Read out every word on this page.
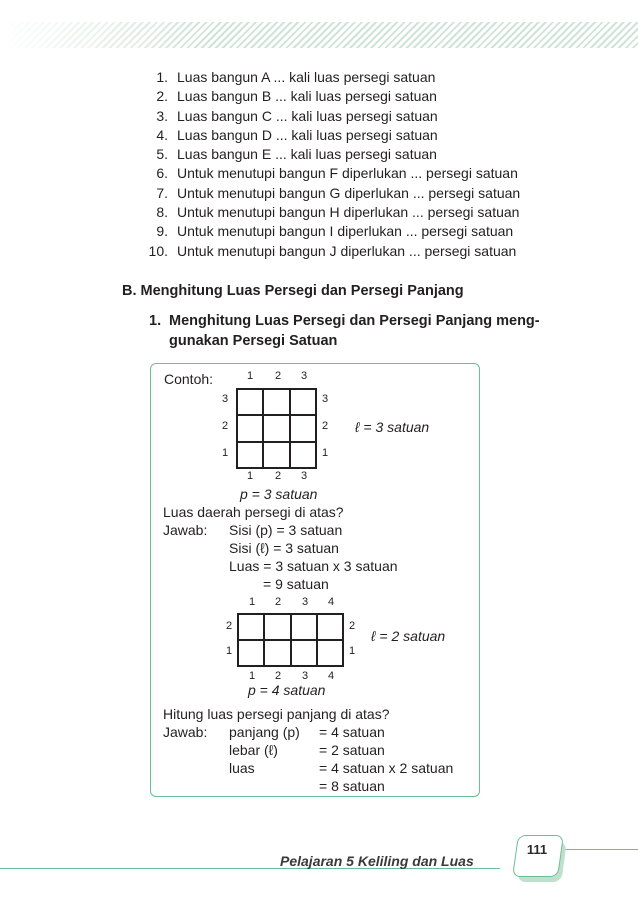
1. Luas bangun A ... kali luas persegi satuan
2. Luas bangun B ... kali luas persegi satuan
3. Luas bangun C ... kali luas persegi satuan
4. Luas bangun D ... kali luas persegi satuan
5. Luas bangun E ... kali luas persegi satuan
6. Untuk menutupi bangun F diperlukan ... persegi satuan
7. Untuk menutupi bangun G diperlukan ... persegi satuan
8. Untuk menutupi bangun H diperlukan ... persegi satuan
9. Untuk menutupi bangun I diperlukan ... persegi satuan
10. Untuk menutupi bangun J diperlukan ... persegi satuan
B. Menghitung Luas Persegi dan Persegi Panjang
1. Menghitung Luas Persegi dan Persegi Panjang meng-gunakan Persegi Satuan
Contoh:	1 2 3
3
2
1
3
2
1
1 2 3
ℓ = 3 satuan
p = 3 satuan
Luas daerah persegi di atas?
Jawab: Sisi (p) = 3 satuan
Sisi (ℓ) = 3 satuan
Luas = 3 satuan x 3 satuan
= 9 satuan
1 2 3 4
2
1
2
1
1 2 3 4
ℓ = 2 satuan
p = 4 satuan
Hitung luas persegi panjang di atas?
Jawab: panjang (p) = 4 satuan
lebar (ℓ)	= 2 satuan
luas	= 4 satuan x 2 satuan
= 8 satuan
Pelajaran 5 Keliling dan Luas
111
